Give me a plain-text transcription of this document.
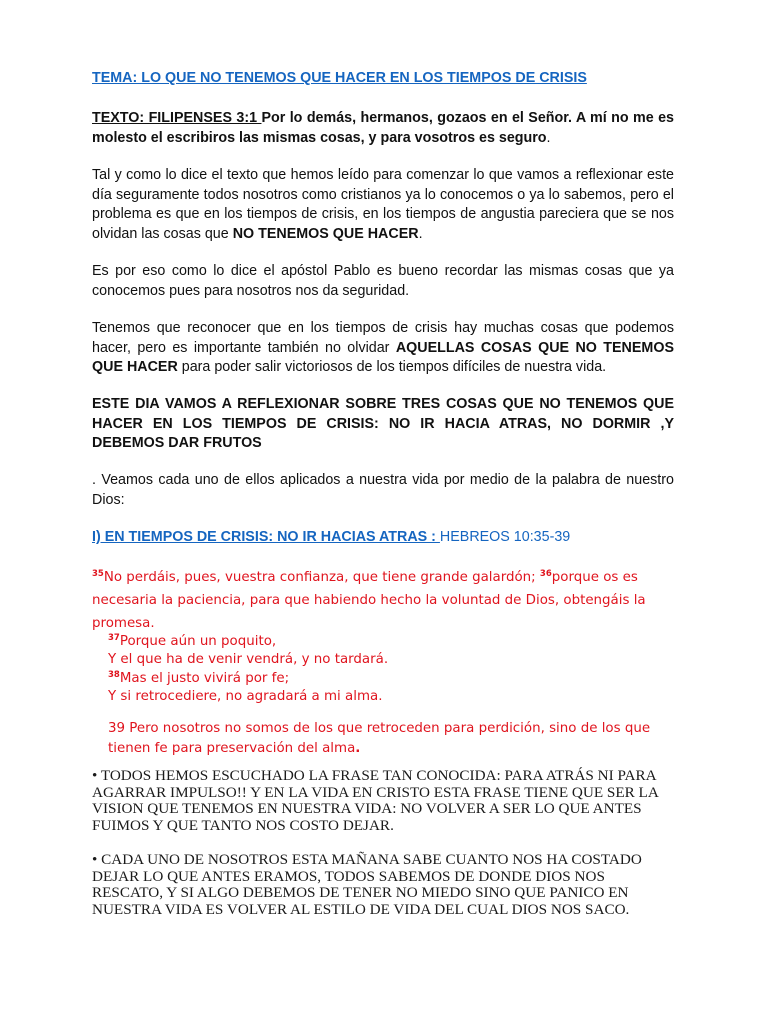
TEMA: LO QUE NO TENEMOS QUE HACER EN LOS TIEMPOS DE CRISIS
TEXTO: FILIPENSES 3:1 Por lo demás, hermanos, gozaos en el Señor. A mí no me es molesto el escribiros las mismas cosas, y para vosotros es seguro.
Tal y como lo dice el texto que hemos leído para comenzar lo que vamos a reflexionar este día seguramente todos nosotros como cristianos ya lo conocemos o ya lo sabemos, pero el problema es que en los tiempos de crisis, en los tiempos de angustia pareciera que se nos olvidan las cosas que NO TENEMOS QUE HACER.
Es por eso como lo dice el apóstol Pablo es bueno recordar las mismas cosas que ya conocemos pues para nosotros nos da seguridad.
Tenemos que reconocer que en los tiempos de crisis hay muchas cosas que podemos hacer, pero es importante también no olvidar AQUELLAS COSAS QUE NO TENEMOS QUE HACER para poder salir victoriosos de los tiempos difíciles de nuestra vida.
ESTE DIA VAMOS A REFLEXIONAR SOBRE TRES COSAS QUE NO TENEMOS QUE HACER EN LOS TIEMPOS DE CRISIS: NO IR HACIA ATRAS, NO DORMIR ,Y DEBEMOS DAR FRUTOS
. Veamos cada uno de ellos aplicados a nuestra vida por medio de la palabra de nuestro Dios:
I) EN TIEMPOS DE CRISIS: NO IR HACIAS ATRAS : HEBREOS 10:35-39
$^{35}$No perdáis, pues, vuestra confianza, que tiene grande galardón; $^{36}$porque os es necesaria la paciencia, para que habiendo hecho la voluntad de Dios, obtengáis la promesa.
$^{37}$Porque aún un poquito,
Y el que ha de venir vendrá, y no tardará.
$^{38}$Mas el justo vivirá por fe;
Y si retrocediere, no agradará a mi alma.
39 Pero nosotros no somos de los que retroceden para perdición, sino de los que tienen fe para preservación del alma.
• TODOS HEMOS ESCUCHADO LA FRASE TAN CONOCIDA: PARA ATRÁS NI PARA AGARRAR IMPULSO!! Y EN LA VIDA EN CRISTO ESTA FRASE TIENE QUE SER LA VISION QUE TENEMOS EN NUESTRA VIDA: NO VOLVER A SER LO QUE ANTES FUIMOS Y QUE TANTO NOS COSTO DEJAR.
• CADA UNO DE NOSOTROS ESTA MAÑANA SABE CUANTO NOS HA COSTADO DEJAR LO QUE ANTES ERAMOS, TODOS SABEMOS DE DONDE DIOS NOS RESCATO, Y SI ALGO DEBEMOS DE TENER NO MIEDO SINO QUE PANICO EN NUESTRA VIDA ES VOLVER AL ESTILO DE VIDA DEL CUAL DIOS NOS SACO.
